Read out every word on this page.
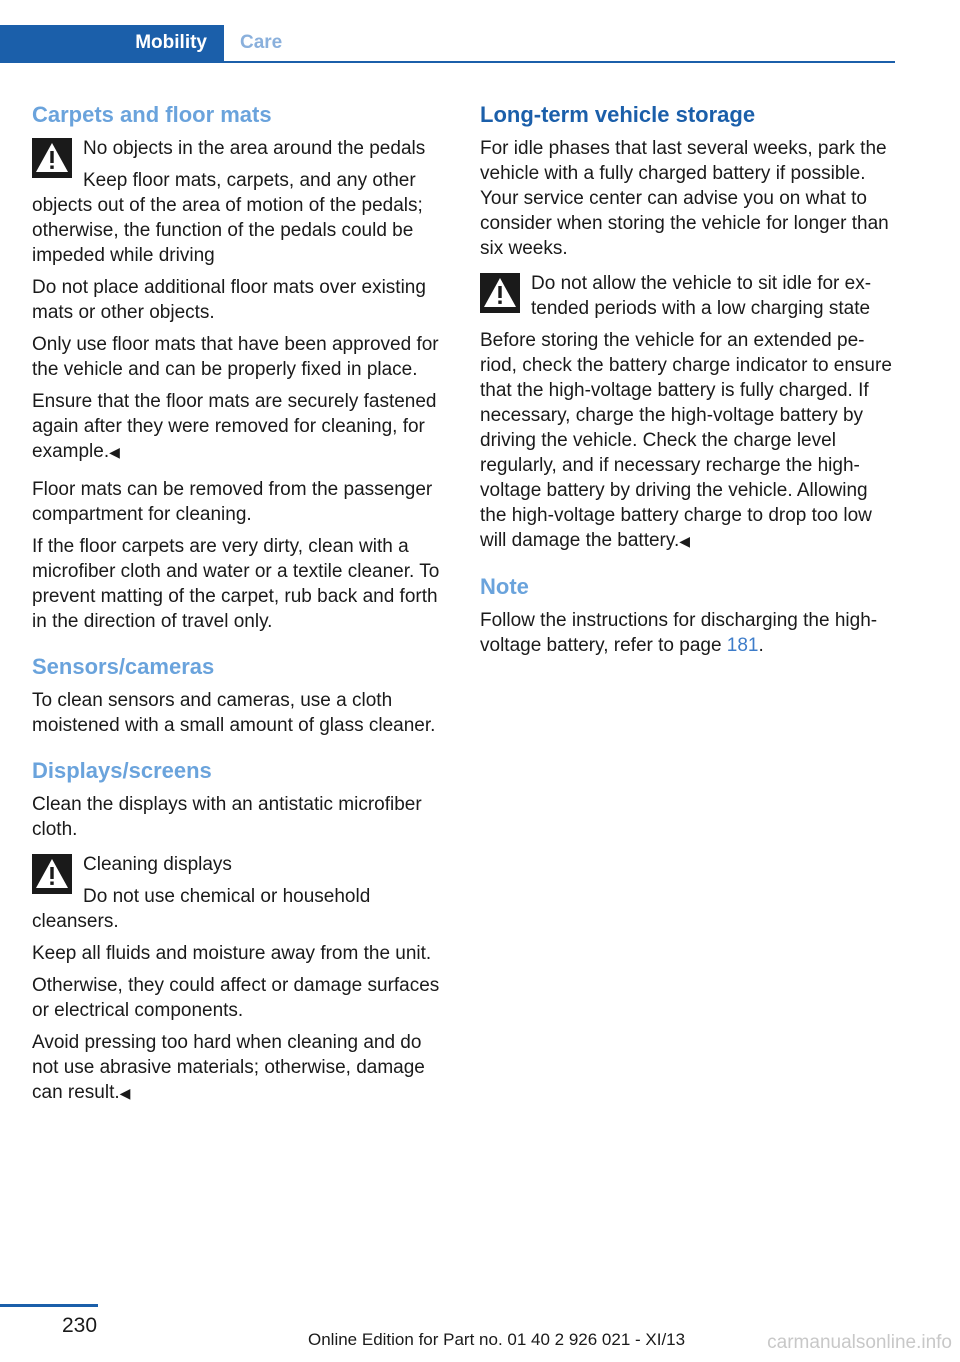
Mobility	Care
Carpets and floor mats
No objects in the area around the pedals

Keep floor mats, carpets, and any other objects out of the area of motion of the pedals; otherwise, the function of the pedals could be impeded while driving

Do not place additional floor mats over existing mats or other objects.

Only use floor mats that have been approved for the vehicle and can be properly fixed in place.

Ensure that the floor mats are securely fastened again after they were removed for cleaning, for example.◀

Floor mats can be removed from the passenger compartment for cleaning.

If the floor carpets are very dirty, clean with a microfiber cloth and water or a textile cleaner. To prevent matting of the carpet, rub back and forth in the direction of travel only.

Sensors/cameras

To clean sensors and cameras, use a cloth moistened with a small amount of glass cleaner.

Displays/screens

Clean the displays with an antistatic microfiber cloth.

Cleaning displays

Do not use chemical or household cleansers.

Keep all fluids and moisture away from the unit.

Otherwise, they could affect or damage surfaces or electrical components.

Avoid pressing too hard when cleaning and do not use abrasive materials; otherwise, damage can result.◀

Long-term vehicle storage

For idle phases that last several weeks, park the vehicle with a fully charged battery if possible. Your service center can advise you on what to consider when storing the vehicle for longer than six weeks.

Do not allow the vehicle to sit idle for extended periods with a low charging state

Before storing the vehicle for an extended period, check the battery charge indicator to ensure that the high-voltage battery is fully charged. If necessary, charge the high-voltage battery by driving the vehicle. Check the charge level regularly, and if necessary recharge the high-voltage battery by driving the vehicle. Allowing the high-voltage battery charge to drop too low will damage the battery.◀

Note

Follow the instructions for discharging the high-voltage battery, refer to page 181.

230
Online Edition for Part no. 01 40 2 926 021 - XI/13	carmanualsonline.info
